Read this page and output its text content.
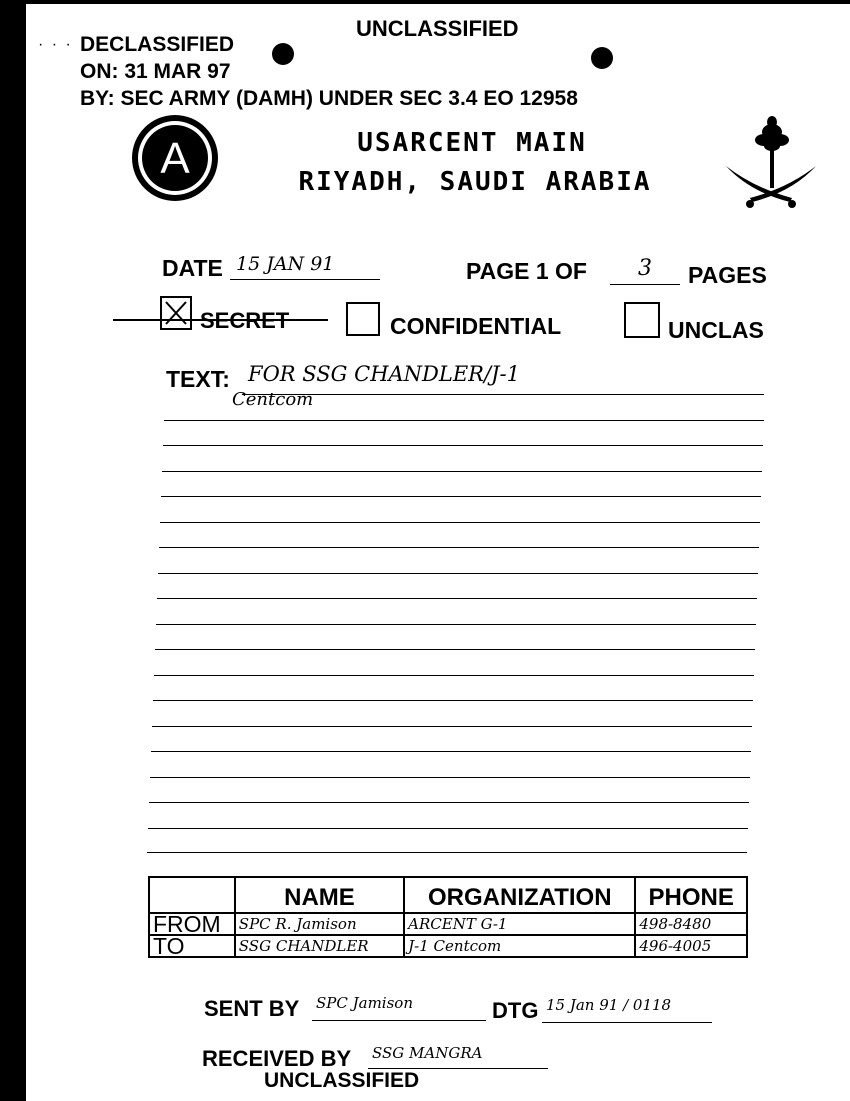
UNCLASSIFIED
· · · DECLASSIFIED
ON: 31 MAR 97
BY: SEC ARMY (DAMH) UNDER SEC 3.4 EO 12958
A	USARCENT MAIN
RIYADH, SAUDI ARABIA
DATE 15 JAN 91	PAGE 1 OF	3	PAGES
SECRET	CONFIDENTIAL	UNCLAS
TEXT: FOR SSG CHANDLER/J-1
Centcom
	NAME	ORGANIZATION	PHONE
FROM	SPC R. Jamison	ARCENT G-1	498-8480
TO	SSG CHANDLER	J-1 Centcom	496-4005
SENT BY SPC Jamison	DTG 15 Jan 91 / 0118
RECEIVED BY SSG MANGRA
UNCLASSIFIED
